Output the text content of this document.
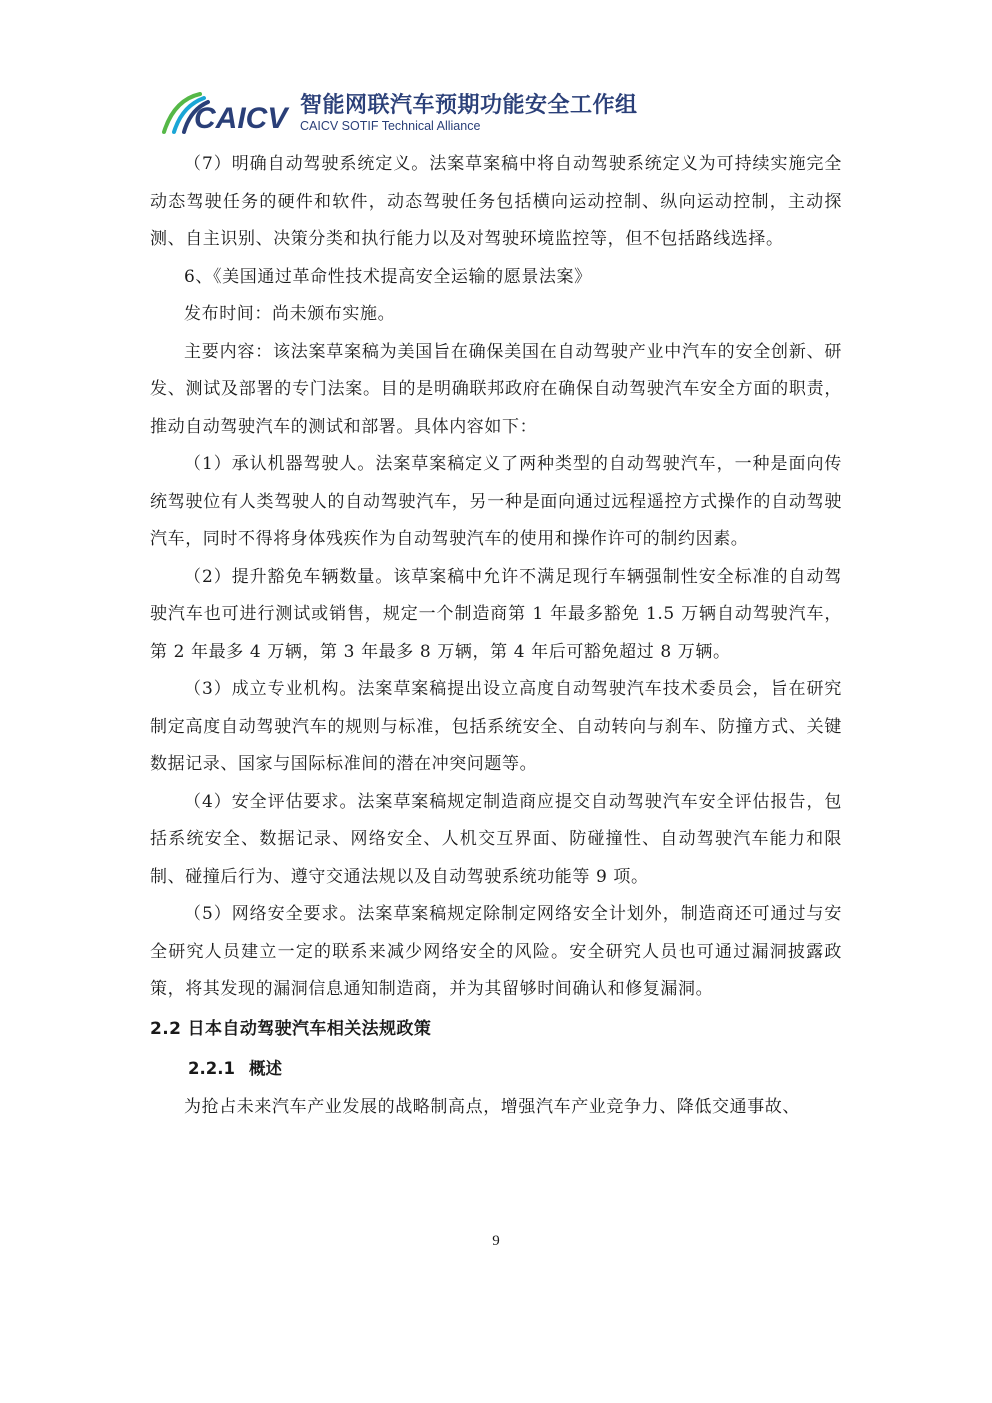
CAICV 智能网联汽车预期功能安全工作组
CAICV SOTIF Technical Alliance

（7）明确自动驾驶系统定义。法案草案稿中将自动驾驶系统定义为可持续实施完全动态驾驶任务的硬件和软件，动态驾驶任务包括横向运动控制、纵向运动控制，主动探测、自主识别、决策分类和执行能力以及对驾驶环境监控等，但不包括路线选择。

6、《美国通过革命性技术提高安全运输的愿景法案》

发布时间：尚未颁布实施。

主要内容：该法案草案稿为美国旨在确保美国在自动驾驶产业中汽车的安全创新、研发、测试及部署的专门法案。目的是明确联邦政府在确保自动驾驶汽车安全方面的职责，推动自动驾驶汽车的测试和部署。具体内容如下：

（1）承认机器驾驶人。法案草案稿定义了两种类型的自动驾驶汽车，一种是面向传统驾驶位有人类驾驶人的自动驾驶汽车，另一种是面向通过远程遥控方式操作的自动驾驶汽车，同时不得将身体残疾作为自动驾驶汽车的使用和操作许可的制约因素。

（2）提升豁免车辆数量。该草案稿中允许不满足现行车辆强制性安全标准的自动驾驶汽车也可进行测试或销售，规定一个制造商第 1 年最多豁免 1.5 万辆自动驾驶汽车，第 2 年最多 4 万辆，第 3 年最多 8 万辆，第 4 年后可豁免超过 8 万辆。

（3）成立专业机构。法案草案稿提出设立高度自动驾驶汽车技术委员会，旨在研究制定高度自动驾驶汽车的规则与标准，包括系统安全、自动转向与刹车、防撞方式、关键数据记录、国家与国际标准间的潜在冲突问题等。

（4）安全评估要求。法案草案稿规定制造商应提交自动驾驶汽车安全评估报告，包括系统安全、数据记录、网络安全、人机交互界面、防碰撞性、自动驾驶汽车能力和限制、碰撞后行为、遵守交通法规以及自动驾驶系统功能等 9 项。

（5）网络安全要求。法案草案稿规定除制定网络安全计划外，制造商还可通过与安全研究人员建立一定的联系来减少网络安全的风险。安全研究人员也可通过漏洞披露政策，将其发现的漏洞信息通知制造商，并为其留够时间确认和修复漏洞。

2.2 日本自动驾驶汽车相关法规政策
2.2.1 概述

为抢占未来汽车产业发展的战略制高点，增强汽车产业竞争力、降低交通事故、

9
